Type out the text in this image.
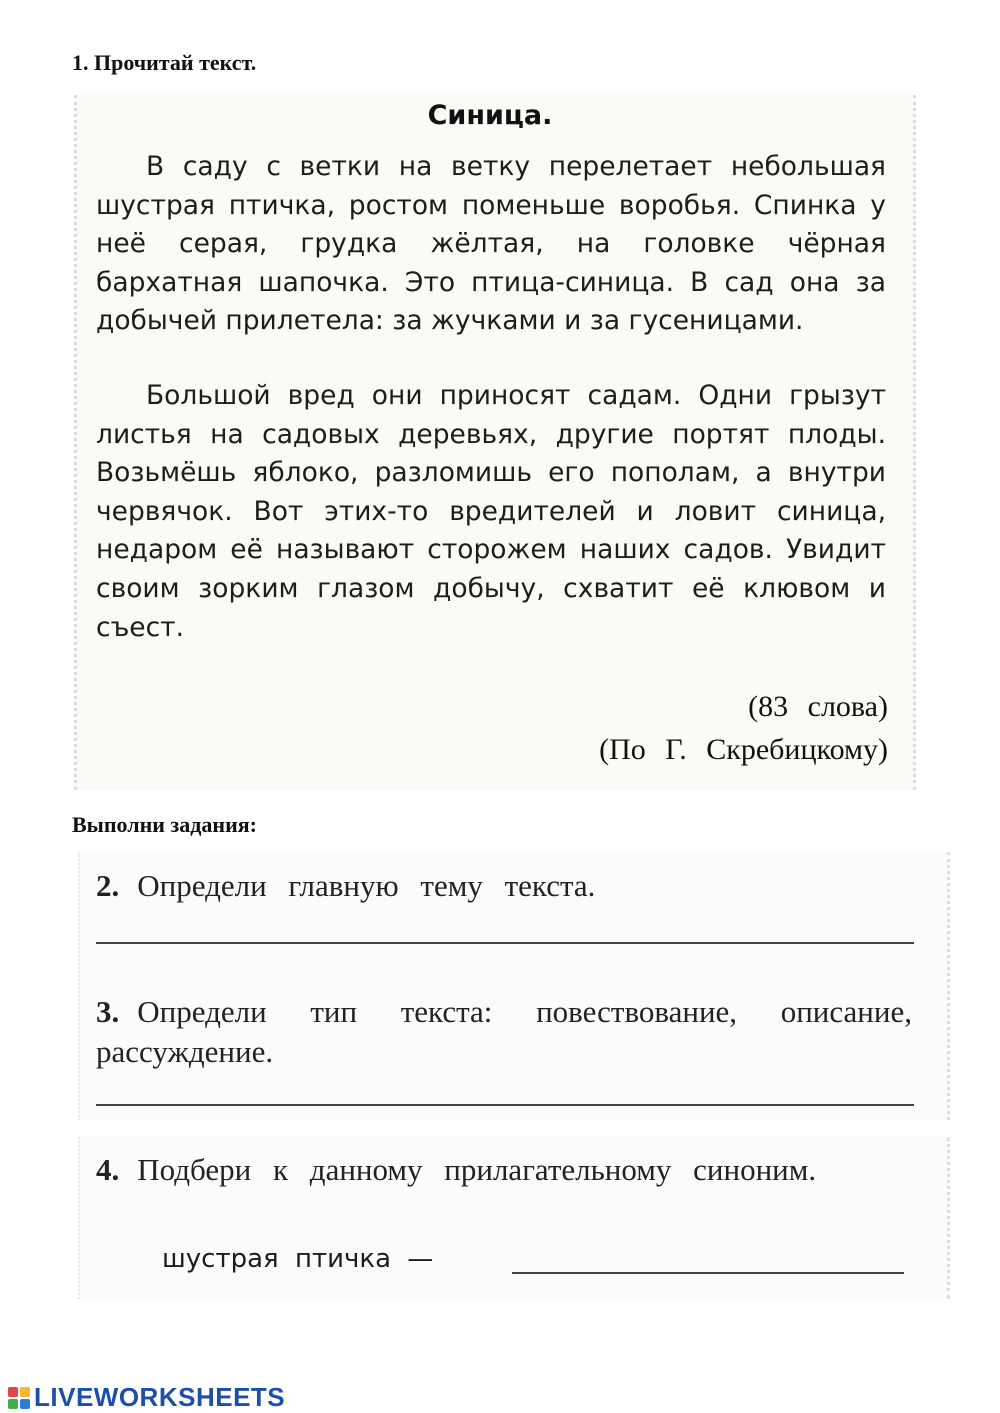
1. Прочитай текст.
Синица.
В саду с ветки на ветку перелетает небольшая шустрая птичка, ростом поменьше воробья. Спинка у неё серая, грудка жёлтая, на головке чёрная бархатная шапочка. Это птица-синица. В сад она за добычей прилетела: за жучками и за гусеницами.
Большой вред они приносят садам. Одни грызут листья на садовых деревьях, другие портят плоды. Возьмёшь яблоко, разломишь его пополам, а внутри червячок. Вот этих-то вредителей и ловит синица, недаром её называют сторожем наших садов. Увидит своим зорким глазом добычу, схватит её клювом и съест.
(83 слова)
(По Г. Скребицкому)
Выполни задания:
2. Определи главную тему текста.
3. Определи тип текста: повествование, описание, рассуждение.
4. Подбери к данному прилагательному синоним.
шустрая птичка —
LIVEWORKSHEETS
